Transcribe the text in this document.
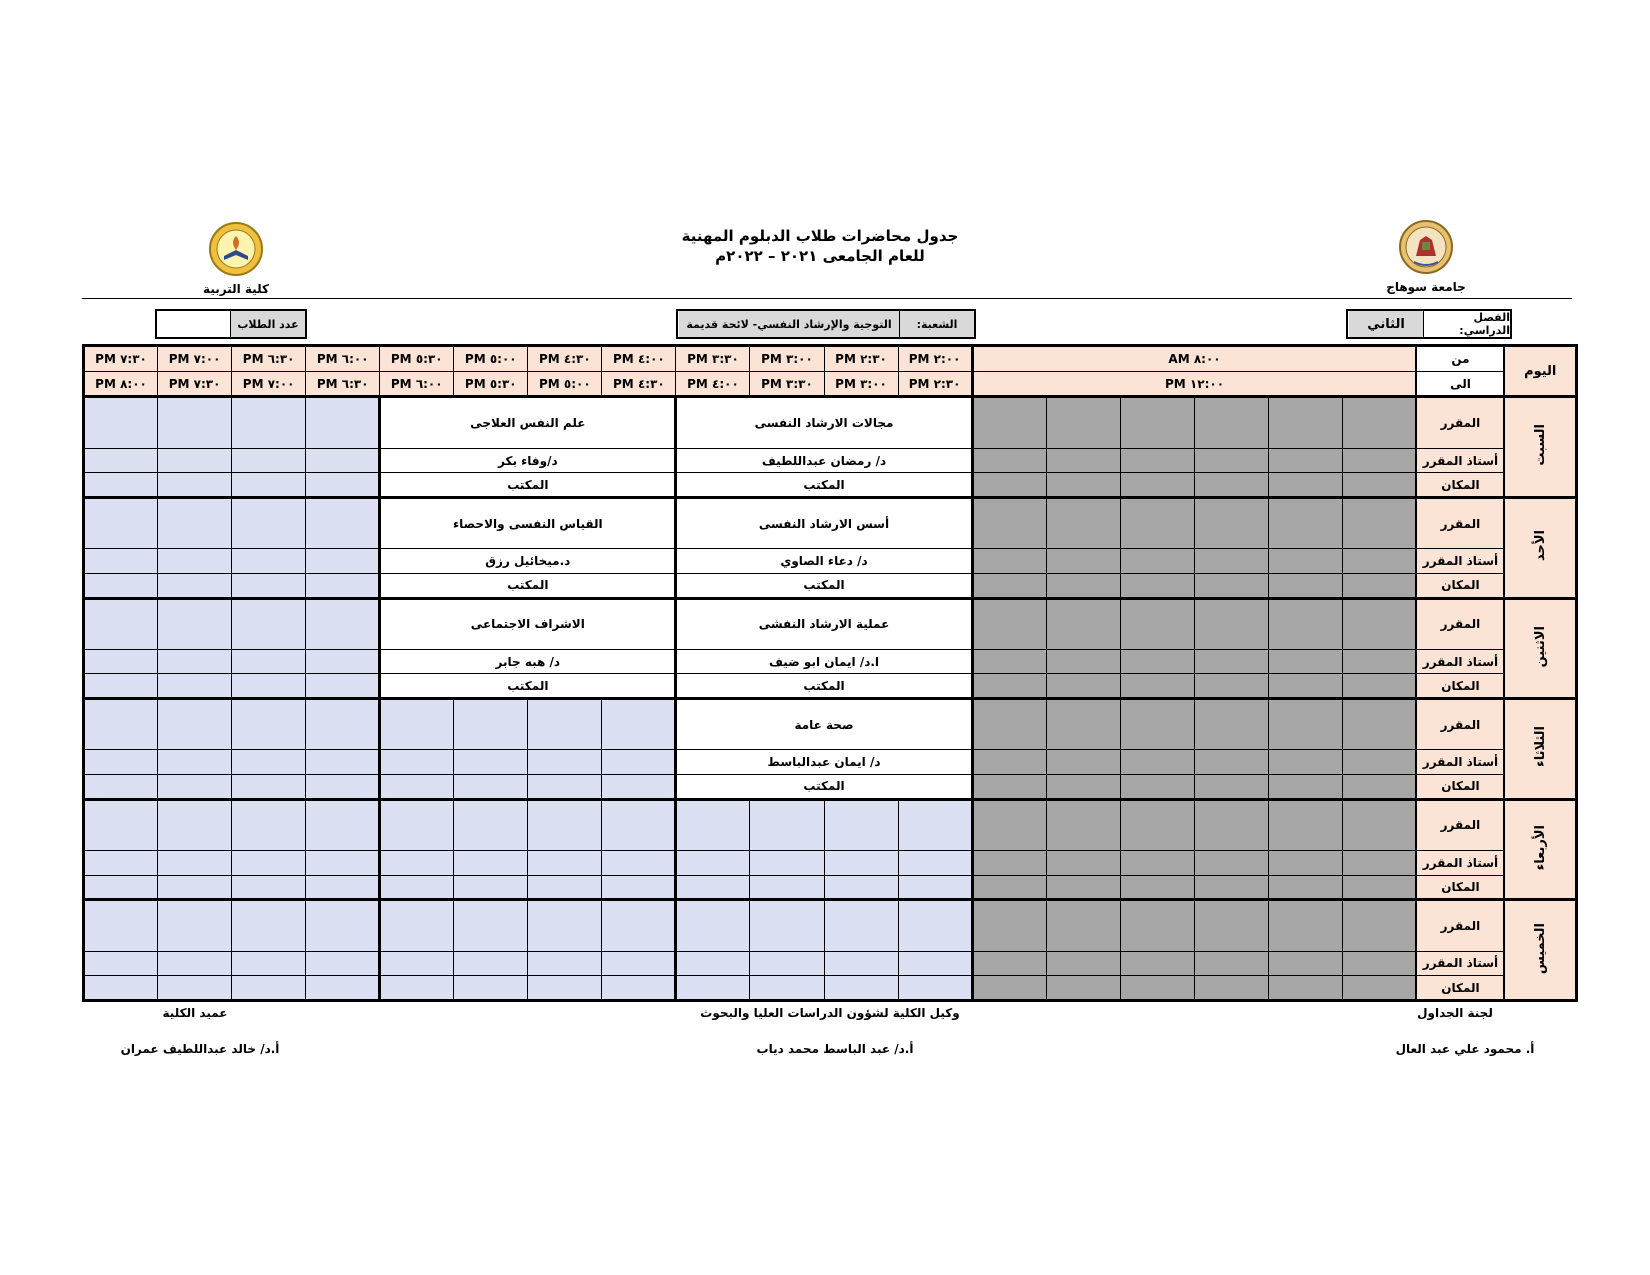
جدول محاضرات طلاب الدبلوم المهنية
للعام الجامعى ٢٠٢١ – ٢٠٢٢م
جامعة سوهاج
كلية التربية
الفصل الدراسي:
الثاني
الشعبة:
التوجية والإرشاد النفسي- لائحة قديمة
عدد الطلاب
اليوم	من	٨:٠٠ AM						٢:٠٠ PM	٢:٣٠ PM	٣:٠٠ PM	٣:٣٠ PM	٤:٠٠ PM	٤:٣٠ PM	٥:٠٠ PM	٥:٣٠ PM	٦:٠٠ PM	٦:٣٠ PM	٧:٠٠ PM	٧:٣٠ PM
	الى	١٢:٠٠ PM						٢:٣٠ PM	٣:٠٠ PM	٣:٣٠ PM	٤:٠٠ PM	٤:٣٠ PM	٥:٠٠ PM	٥:٣٠ PM	٦:٠٠ PM	٦:٣٠ PM	٧:٠٠ PM	٧:٣٠ PM	٨:٠٠ PM
السبت	المقرر							مجالات الارشاد النفسى				علم النفس العلاجى							
	أستاذ المقرر							د/ رمضان عبداللطيف				د/وفاء بكر							
	المكان							المكتب				المكتب							
الأحد	المقرر							أسس الارشاد النفسى				القياس النفسى والاحصاء							
	أستاذ المقرر							د/ دعاء الصاوي				د.ميخائيل رزق							
	المكان							المكتب				المكتب							
الاثنين	المقرر							عملية الارشاد النفشى				الاشراف الاجتماعى							
	أستاذ المقرر							ا.د/ ايمان ابو ضيف				د/ هبه جابر							
	المكان							المكتب				المكتب							
الثلاثاء	المقرر							صحة عامة											
	أستاذ المقرر							د/ ايمان عبدالباسط											
	المكان							المكتب											
الأربعاء	المقرر																		
	أستاذ المقرر																		
	المكان																		
الخميس	المقرر																		
	أستاذ المقرر																		
	المكان																		
لجنة الجداول
أ. محمود علي عبد العال
وكيل الكلية لشؤون الدراسات العليا والبحوث
أ.د/ عبد الباسط محمد دياب
عميد الكلية
أ.د/ خالد عبداللطيف عمران
